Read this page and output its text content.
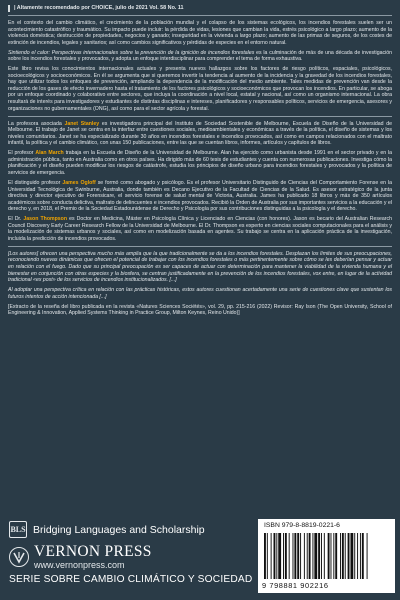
| Altamente recomendado por CHOICE, julio de 2021 Vol. 58 No. 11

En el contexto del cambio climático, el crecimiento de la población mundial y el colapso de los sistemas ecológicos, los incendios forestales suelen ser un acontecimiento catastrófico y traumático. Su impacto puede incluir: la pérdida de vidas, lesiones que cambian la vida, estrés psicológico a largo plazo; aumento de la violencia doméstica; destrucción de propiedades, negocios y ganado; inseguridad en la vivienda a largo plazo; aumento de las primas de seguros, de los costes de extinción de incendios, legales y sanitarios; así como cambios significativos y pérdidas de especies en el entorno natural.

Sintiendo el calor: Perspectivas internacionales sobre la prevención de la ignición de incendios forestales es la culminación de más de una década de investigación sobre los incendios forestales y provocados, y adopta un enfoque interdisciplinar para comprender el tema de forma exhaustiva.

Este libro revisa los conocimientos internacionales actuales y presenta nuevos hallazgos sobre los factores de riesgo políticos, espaciales, psicológicos, socioecológicos y socioeconómicos. En él se argumenta que si queremos invertir la tendencia al aumento de la incidencia y la gravedad de los incendios forestales, hay que utilizar todos los enfoques de prevención, ampliando la dependencia de la modificación del medio ambiente. Tales medidas de prevención van desde la reducción de los gases de efecto invernadero hasta el tratamiento de los factores psicológicos y socioeconómicos que provocan los incendios. En particular, se aboga por un enfoque coordinado y colaborativo entre sectores, que incluya la coordinación a nivel local, estatal y nacional, así como un organismo internacional. La obra resultará de interés para investigadores y estudiantes de distintas disciplinas e intereses, planificadores y responsables políticos, servicios de emergencia, asesores y organizaciones no gubernamentales (ONG), así como para el sector agrícola y forestal.

La profesora asociada Janet Stanley es investigadora principal del Instituto de Sociedad Sostenible de Melbourne, Escuela de Diseño de la Universidad de Melbourne. El trabajo de Janet se centra en la interfaz entre cuestiones sociales, medioambientales y económicas a través de la política, el diseño de sistemas y los niveles comunitarios. Janet se ha especializado durante 30 años en incendios forestales e incendios provocados, así como en campos relacionados con el maltrato infantil, la política y el cambio climático, con unas 150 publicaciones, entre las que se cuentan libros, informes, artículos y capítulos de libros.

El profesor Alan March trabaja en la Escuela de Diseño de la Universidad de Melbourne. Alan ha ejercido como urbanista desde 1991 en el sector privado y en la administración pública, tanto en Australia como en otros países. Ha dirigido más de 60 tesis de estudiantes y cuenta con numerosas publicaciones. Investiga cómo la planificación y el diseño pueden modificar los riesgos de catástrofe, estudia los principios de diseño urbano para incendios forestales y provocados y la política de servicios de emergencia.

El distinguido profesor James Ogloff se formó como abogado y psicólogo. Es el profesor Universitario Distinguido de Ciencias del Comportamiento Forense en la Universidad Tecnológica de Swinburne, Australia, donde también es Decano Ejecutivo de la Facultad de Ciencias de la Salud. Es asesor estratégico de la junta directiva y director ejecutivo de Forensicare, el servicio forense de salud mental de Victoria, Australia. James ha publicado 18 libros y más de 350 artículos académicos sobre conducta delictiva, maltrato de delincuentes e incendios provocados. Recibió la Orden de Australia por sus importantes servicios a la educación y el derecho y, en 2018, el Premio de la Sociedad Estadounidense de Derecho y Psicología por sus contribuciones distinguidas a la psicología y el derecho.

El Dr. Jason Thompson es Doctor en Medicina, Máster en Psicología Clínica y Licenciado en Ciencias (con honores). Jason es becario del Australian Research Council Discovery Early Career Research Fellow de la Universidad de Melbourne. El Dr. Thompson es experto en ciencias sociales computacionales para el análisis y la modelización de sistemas urbanos y sociales, así como en modelización basada en agentes. Su trabajo se centra en la aplicación práctica de la investigación, incluida la predicción de incendios provocados.

[Los autores] ofrecen una perspectiva mucho más amplia que la que tradicionalmente se da a los incendios forestales. Desplazan los límites de sus preocupaciones, reconociendo nuevas dinámicas que ofrecen el potencial de trabajar con los incendios forestales o más pertinentemente sobre cómo se les deberían pensar y actuar en relación con el fuego. Dado que su principal preocupación es ser capaces de actuar con determinación para mantener la viabilidad de la vivienda humana y el bienestar en conjunción con otras especies y la biosfera, se centran justificadamente en la prevención de los incendios forestales, vox entre, en lugar de la actividad tradicional «ex post» de los servicios de incendios institucionalizados. [...]

Al adoptar una perspectiva crítica en relación con las prácticas históricas, estos autores cuestionan acertadamente una serie de cuestiones clave que sustentan los futuros intentos de acción intencionada [...]

[Extracto de la reseña del libro publicada en la revista «Natures Sciences Sociétés», vol. 29, pp. 215-216 (2022) Revisor: Ray Ison (The Open University, School of Engineering & Innovation, Applied Systems Thinking in Practice Group, Milton Keynes, Reino Unido)]
BLS Bridging Languages and Scholarship
VERNON PRESS
www.vernonpress.com
SERIE SOBRE CAMBIO CLIMÁTICO Y SOCIEDAD
ISBN 979-8-8819-0221-6
9 798881 902216
